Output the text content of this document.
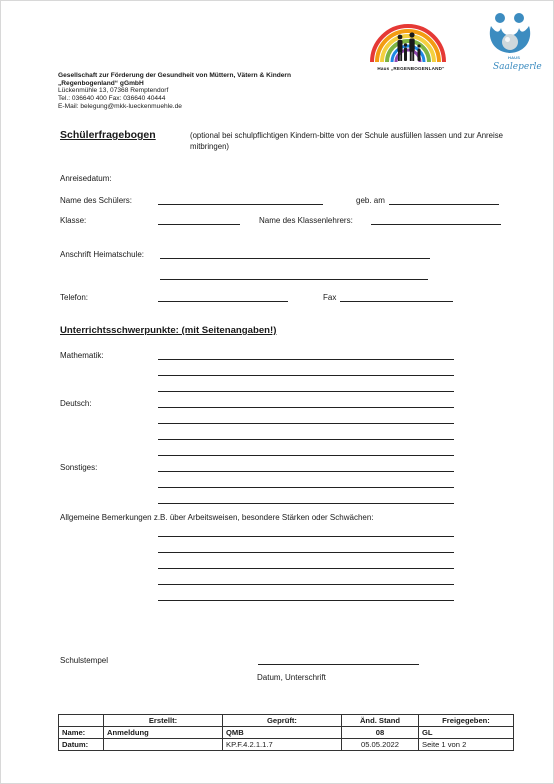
Haus „REGENBOGENLAND“
HAUS
Saaleperle
Gesellschaft zur Förderung der Gesundheit von Müttern, Vätern & Kindern
„Regenbogenland“ gGmbH
Lückenmühle 13, 07368 Remptendorf
Tel.: 036640 400 Fax: 036640 40444
E-Mail: belegung@mkk-lueckenmuehle.de
Schülerfragebogen	(optional bei schulpflichtigen Kindern-bitte von der Schule ausfüllen lassen und zur Anreise mitbringen)
Anreisedatum:
Name des Schülers:	geb. am
Klasse:	Name des Klassenlehrers:
Anschrift Heimatschule:
Telefon:	Fax
Unterrichtsschwerpunkte: (mit Seitenangaben!)
Mathematik:
Deutsch:
Sonstiges:
Allgemeine Bemerkungen z.B. über Arbeitsweisen, besondere Stärken oder Schwächen:
Schulstempel
Datum, Unterschrift
	Erstellt:	Geprüft:	Änd. Stand	Freigegeben:
Name:	Anmeldung	QMB	08	GL
Datum:		KP.F.4.2.1.1.7	05.05.2022	Seite 1 von 2
